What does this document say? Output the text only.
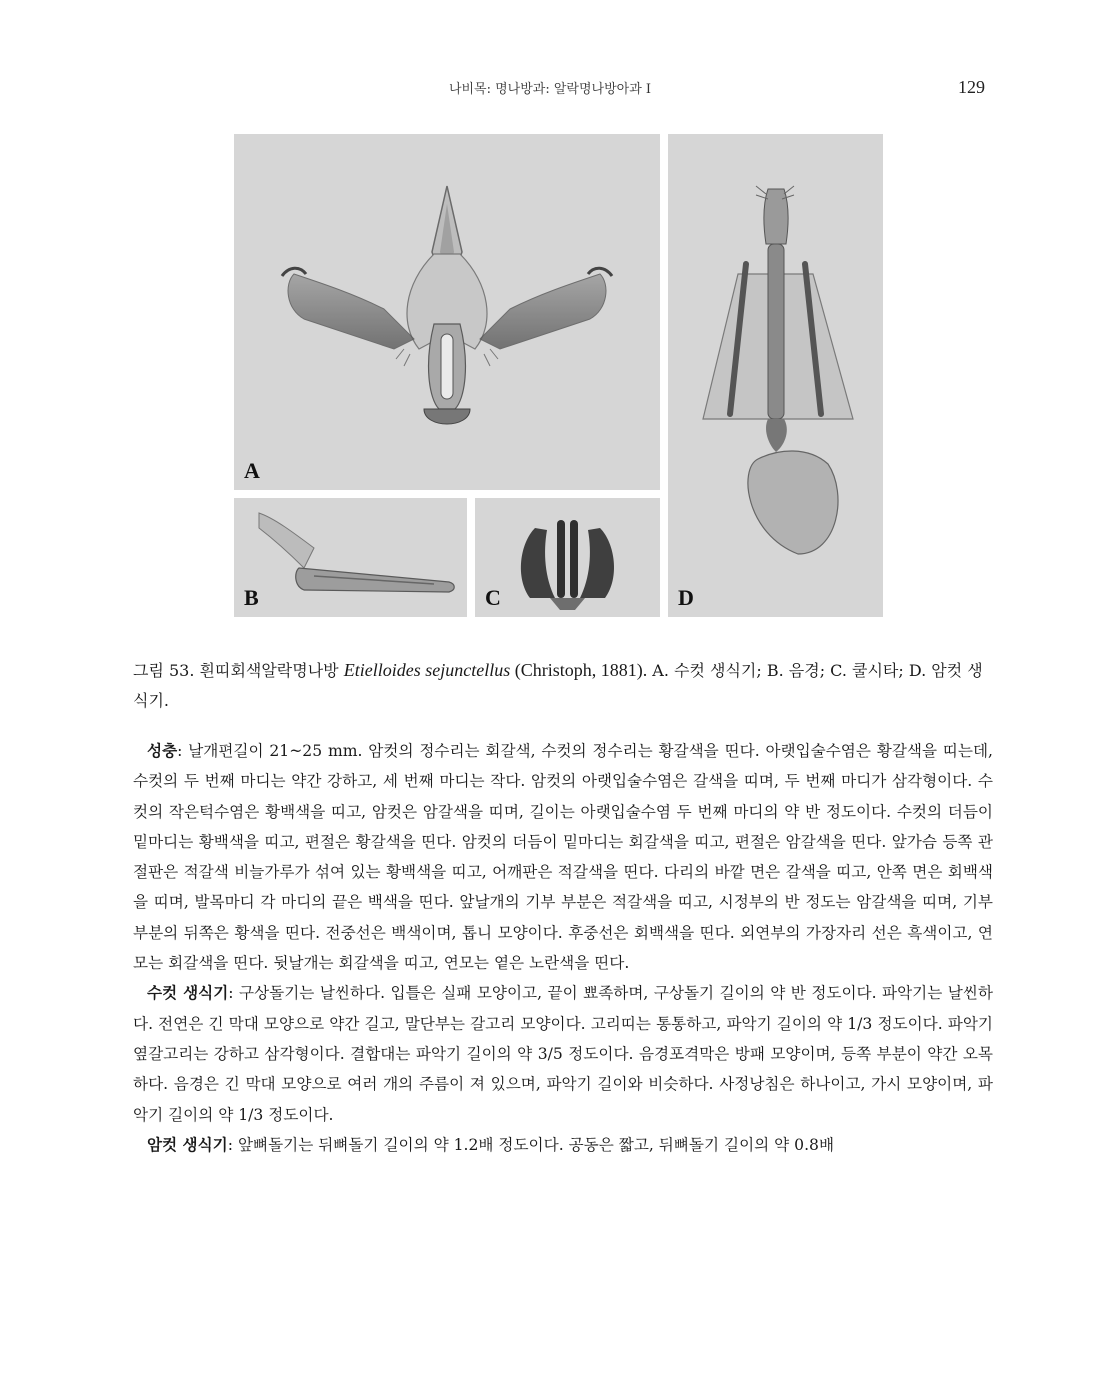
나비목: 명나방과: 알락명나방아과 I	129
A
B	C	D
그림 53. 흰띠회색알락명나방 Etielloides sejunctellus (Christoph, 1881). A. 수컷 생식기; B. 음경; C. 쿨시타; D. 암컷 생식기.

성충: 날개편길이 21~25 mm. 암컷의 정수리는 회갈색, 수컷의 정수리는 황갈색을 띤다. 아랫입술수염은 황갈색을 띠는데, 수컷의 두 번째 마디는 약간 강하고, 세 번째 마디는 작다. 암컷의 아랫입술수염은 갈색을 띠며, 두 번째 마디가 삼각형이다. 수컷의 작은턱수염은 황백색을 띠고, 암컷은 암갈색을 띠며, 길이는 아랫입술수염 두 번째 마디의 약 반 정도이다. 수컷의 더듬이 밑마디는 황백색을 띠고, 편절은 황갈색을 띤다. 암컷의 더듬이 밑마디는 회갈색을 띠고, 편절은 암갈색을 띤다. 앞가슴 등쪽 관절판은 적갈색 비늘가루가 섞여 있는 황백색을 띠고, 어깨판은 적갈색을 띤다. 다리의 바깥 면은 갈색을 띠고, 안쪽 면은 회백색을 띠며, 발목마디 각 마디의 끝은 백색을 띤다. 앞날개의 기부 부분은 적갈색을 띠고, 시정부의 반 정도는 암갈색을 띠며, 기부 부분의 뒤쪽은 황색을 띤다. 전중선은 백색이며, 톱니 모양이다. 후중선은 회백색을 띤다. 외연부의 가장자리 선은 흑색이고, 연모는 회갈색을 띤다. 뒷날개는 회갈색을 띠고, 연모는 옅은 노란색을 띤다.

수컷 생식기: 구상돌기는 날씬하다. 입틀은 실패 모양이고, 끝이 뾰족하며, 구상돌기 길이의 약 반 정도이다. 파악기는 날씬하다. 전연은 긴 막대 모양으로 약간 길고, 말단부는 갈고리 모양이다. 고리띠는 통통하고, 파악기 길이의 약 1/3 정도이다. 파악기 옆갈고리는 강하고 삼각형이다. 결합대는 파악기 길이의 약 3/5 정도이다. 음경포격막은 방패 모양이며, 등쪽 부분이 약간 오목하다. 음경은 긴 막대 모양으로 여러 개의 주름이 져 있으며, 파악기 길이와 비슷하다. 사정낭침은 하나이고, 가시 모양이며, 파악기 길이의 약 1/3 정도이다.

암컷 생식기: 앞뼈돌기는 뒤뼈돌기 길이의 약 1.2배 정도이다. 공동은 짧고, 뒤뼈돌기 길이의 약 0.8배
